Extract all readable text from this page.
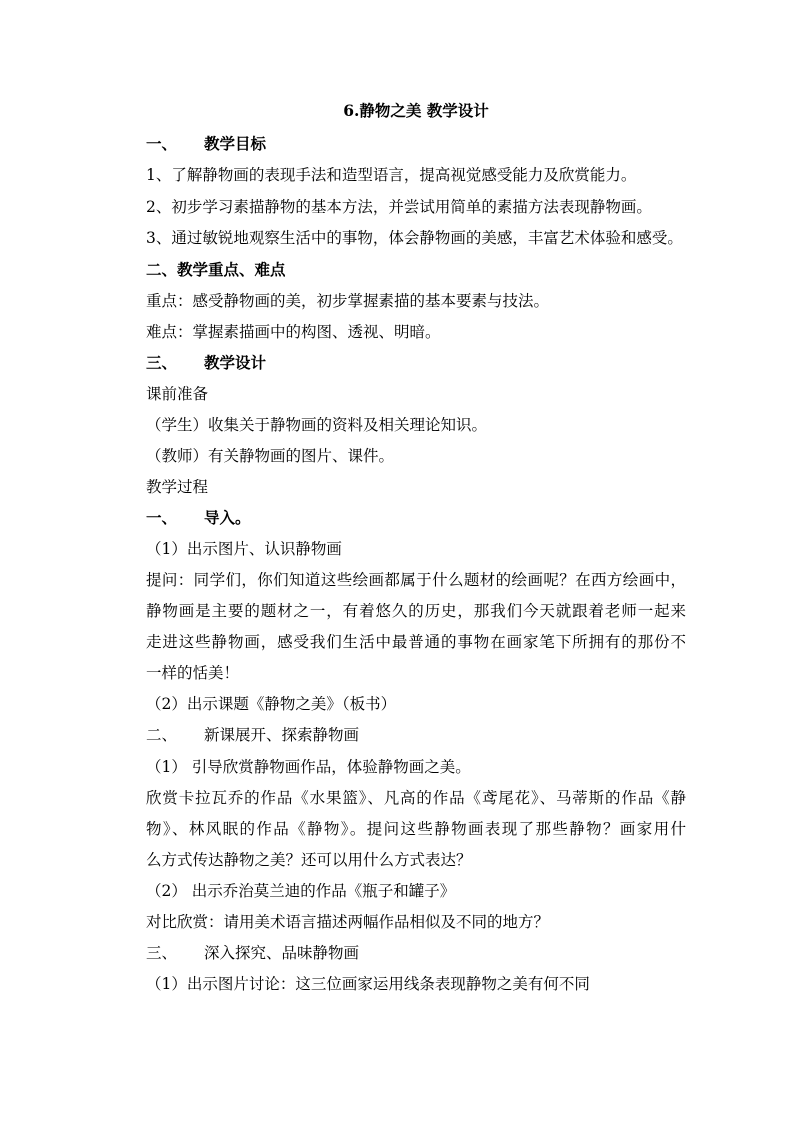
6.静物之美 教学设计
一、 教学目标
1、了解静物画的表现手法和造型语言，提高视觉感受能力及欣赏能力。
2、初步学习素描静物的基本方法，并尝试用简单的素描方法表现静物画。
3、通过敏锐地观察生活中的事物，体会静物画的美感，丰富艺术体验和感受。
二、教学重点、难点
重点：感受静物画的美，初步掌握素描的基本要素与技法。
难点：掌握素描画中的构图、透视、明暗。
三、 教学设计
课前准备
（学生）收集关于静物画的资料及相关理论知识。
（教师）有关静物画的图片、课件。
教学过程
一、 导入。
（1）出示图片、认识静物画
提问：同学们，你们知道这些绘画都属于什么题材的绘画呢？在西方绘画中，
静物画是主要的题材之一，有着悠久的历史，那我们今天就跟着老师一起来
走进这些静物画，感受我们生活中最普通的事物在画家笔下所拥有的那份不
一样的恬美！
（2）出示课题《静物之美》（板书）
二、 新课展开、探索静物画
（1） 引导欣赏静物画作品，体验静物画之美。
欣赏卡拉瓦乔的作品《水果篮》、凡高的作品《鸢尾花》、马蒂斯的作品《静
物》、林风眠的作品《静物》。提问这些静物画表现了那些静物？画家用什
么方式传达静物之美？还可以用什么方式表达？
（2） 出示乔治莫兰迪的作品《瓶子和罐子》
对比欣赏：请用美术语言描述两幅作品相似及不同的地方？
三、 深入探究、品味静物画
（1）出示图片讨论：这三位画家运用线条表现静物之美有何不同
